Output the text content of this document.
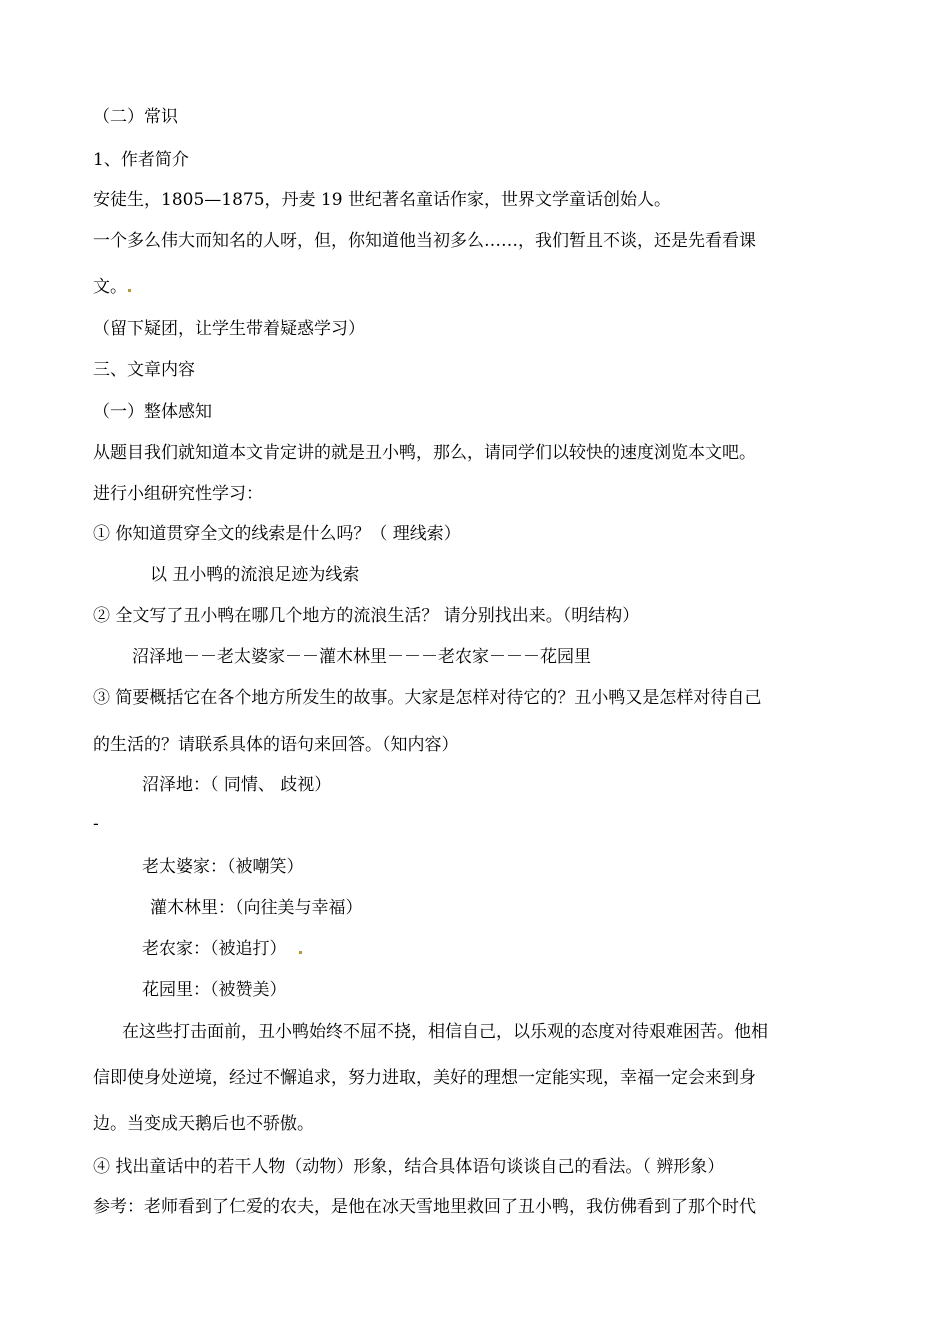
（二）常识

1、作者简介

安徒生，1805—1875，丹麦 19 世纪著名童话作家，世界文学童话创始人。

一个多么伟大而知名的人呀，但，你知道他当初多么……，我们暂且不谈，还是先看看课

文。

（留下疑团，让学生带着疑惑学习）

三、文章内容

（一）整体感知

从题目我们就知道本文肯定讲的就是丑小鸭，那么，请同学们以较快的速度浏览本文吧。

进行小组研究性学习：

① 你知道贯穿全文的线索是什么吗？（ 理线索）

以 丑小鸭的流浪足迹为线索

② 全文写了丑小鸭在哪几个地方的流浪生活？ 请分别找出来。（明结构）

沼泽地－－老太婆家－－灌木林里－－－老农家－－－花园里

③ 简要概括它在各个地方所发生的故事。大家是怎样对待它的？丑小鸭又是怎样对待自己

的生活的？请联系具体的语句来回答。（知内容）

沼泽地：（ 同情、 歧视）

-

老太婆家：（被嘲笑）

灌木林里：（向往美与幸福）

老农家：（被追打）

花园里：（被赞美）

在这些打击面前，丑小鸭始终不屈不挠，相信自己，以乐观的态度对待艰难困苦。他相

信即使身处逆境，经过不懈追求，努力进取，美好的理想一定能实现，幸福一定会来到身

边。当变成天鹅后也不骄傲。

④ 找出童话中的若干人物（动物）形象，结合具体语句谈谈自己的看法。（ 辨形象）

参考：老师看到了仁爱的农夫，是他在冰天雪地里救回了丑小鸭，我仿佛看到了那个时代
